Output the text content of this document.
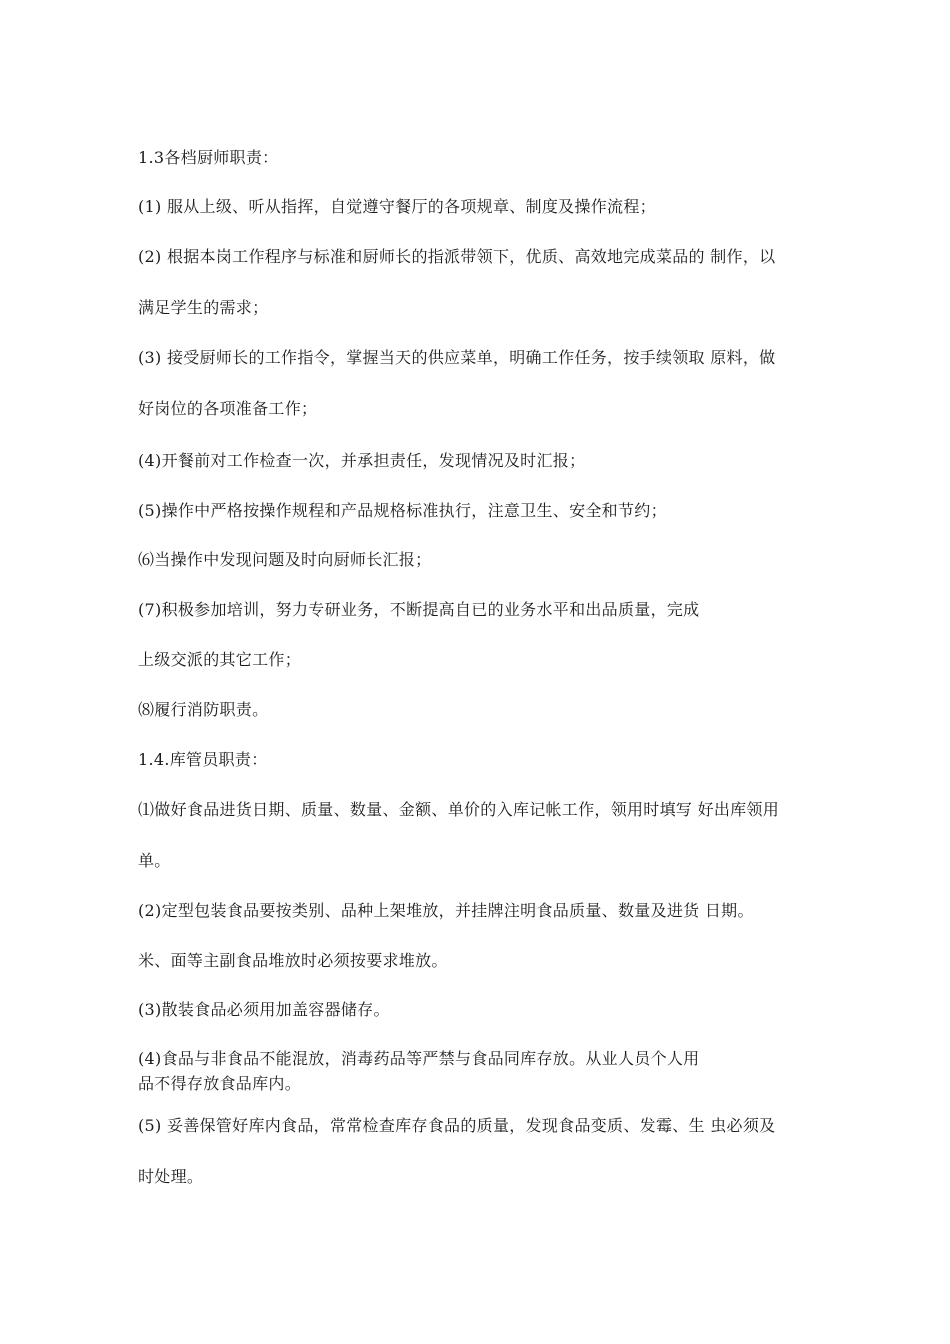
1.3各档厨师职责：

(1) 服从上级、听从指挥，自觉遵守餐厅的各项规章、制度及操作流程；

(2) 根据本岗工作程序与标准和厨师长的指派带领下，优质、高效地完成菜品的 制作，以

满足学生的需求；

(3) 接受厨师长的工作指令，掌握当天的供应菜单，明确工作任务，按手续领取 原料，做

好岗位的各项准备工作；

(4)开餐前对工作检查一次，并承担责任，发现情况及时汇报；

(5)操作中严格按操作规程和产品规格标准执行，注意卫生、安全和节约；

⑹当操作中发现问题及时向厨师长汇报；

(7)积极参加培训，努力专研业务，不断提高自已的业务水平和出品质量，完成

上级交派的其它工作；

⑻履行消防职责。

1.4.库管员职责：

⑴做好食品进货日期、质量、数量、金额、单价的入库记帐工作，领用时填写 好出库领用

单。

(2)定型包装食品要按类别、品种上架堆放，并挂牌注明食品质量、数量及进货 日期。

米、面等主副食品堆放时必须按要求堆放。

(3)散装食品必须用加盖容器储存。

(4)食品与非食品不能混放，消毒药品等严禁与食品同库存放。从业人员个人用

品不得存放食品库内。

(5) 妥善保管好库内食品，常常检查库存食品的质量，发现食品变质、发霉、生 虫必须及

时处理。
